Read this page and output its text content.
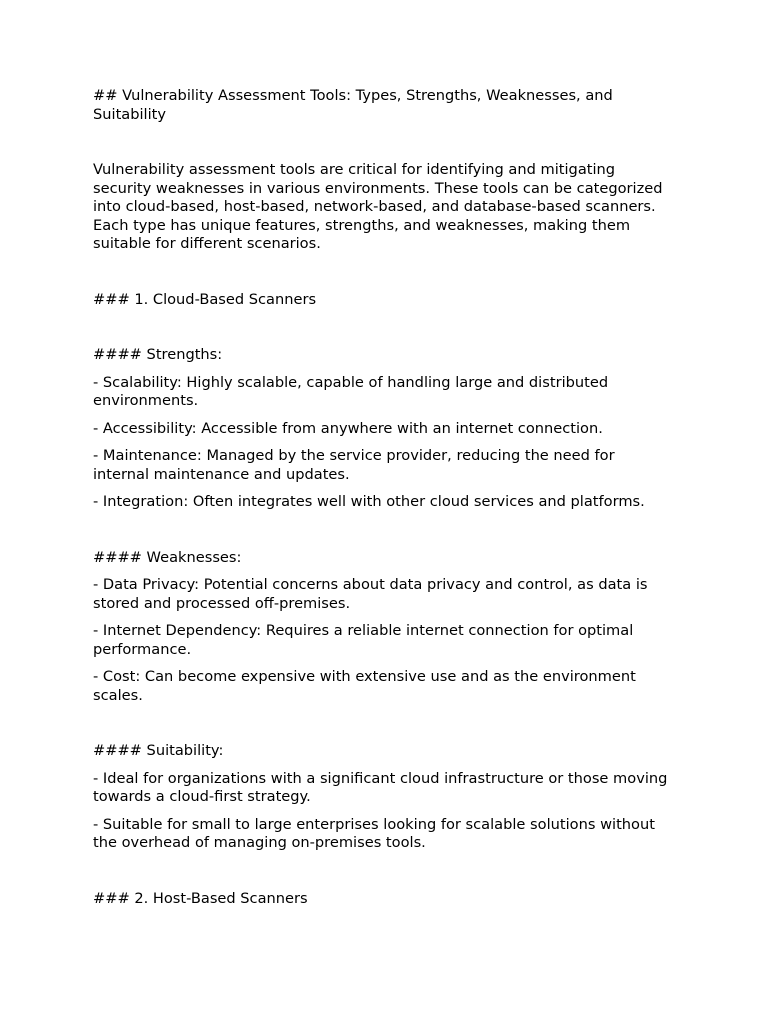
## Vulnerability Assessment Tools: Types, Strengths, Weaknesses, and Suitability

Vulnerability assessment tools are critical for identifying and mitigating security weaknesses in various environments. These tools can be categorized into cloud-based, host-based, network-based, and database-based scanners. Each type has unique features, strengths, and weaknesses, making them suitable for different scenarios.

### 1. Cloud-Based Scanners

#### Strengths:

- Scalability: Highly scalable, capable of handling large and distributed environments.

- Accessibility: Accessible from anywhere with an internet connection.

- Maintenance: Managed by the service provider, reducing the need for internal maintenance and updates.

- Integration: Often integrates well with other cloud services and platforms.

#### Weaknesses:

- Data Privacy: Potential concerns about data privacy and control, as data is stored and processed off-premises.

- Internet Dependency: Requires a reliable internet connection for optimal performance.

- Cost: Can become expensive with extensive use and as the environment scales.

#### Suitability:

- Ideal for organizations with a significant cloud infrastructure or those moving towards a cloud-first strategy.

- Suitable for small to large enterprises looking for scalable solutions without the overhead of managing on-premises tools.

### 2. Host-Based Scanners
